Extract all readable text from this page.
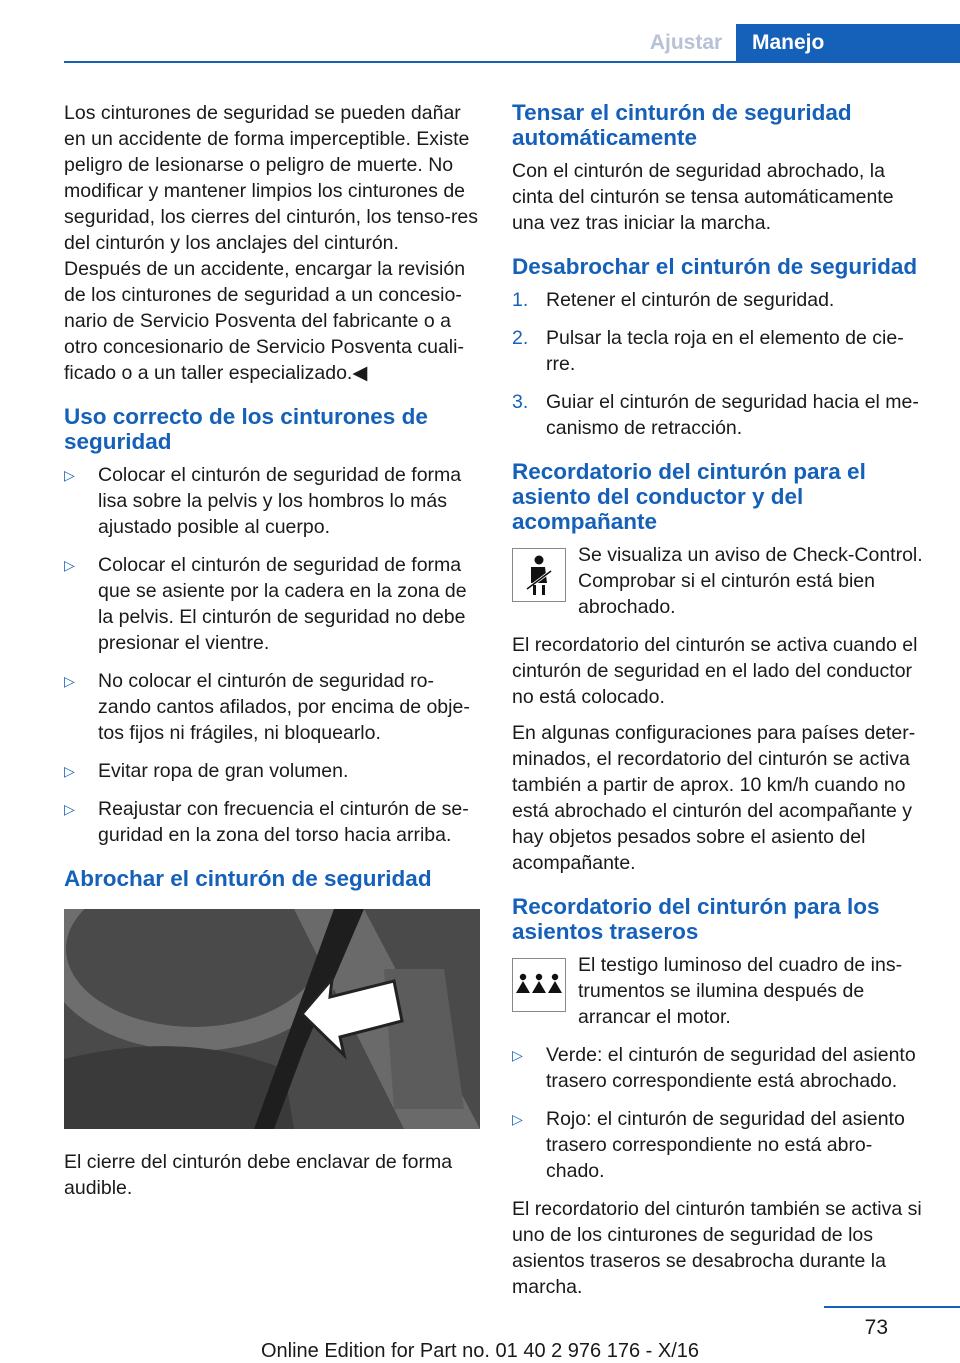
Ajustar	Manejo

Los cinturones de seguridad se pueden dañar en un accidente de forma imperceptible. Existe peligro de lesionarse o peligro de muerte. No modificar y mantener limpios los cinturones de seguridad, los cierres del cinturón, los tenso-res del cinturón y los anclajes del cinturón. Después de un accidente, encargar la revisión de los cinturones de seguridad a un concesio-nario de Servicio Posventa del fabricante o a otro concesionario de Servicio Posventa cuali-ficado o a un taller especializado.◀

Uso correcto de los cinturones de seguridad
▷ Colocar el cinturón de seguridad de forma lisa sobre la pelvis y los hombros lo más ajustado posible al cuerpo.
▷ Colocar el cinturón de seguridad de forma que se asiente por la cadera en la zona de la pelvis. El cinturón de seguridad no debe presionar el vientre.
▷ No colocar el cinturón de seguridad ro-zando cantos afilados, por encima de obje-tos fijos ni frágiles, ni bloquearlo.
▷ Evitar ropa de gran volumen.
▷ Reajustar con frecuencia el cinturón de se-guridad en la zona del torso hacia arriba.
Abrochar el cinturón de seguridad

El cierre del cinturón debe enclavar de forma audible.

Tensar el cinturón de seguridad automáticamente

Con el cinturón de seguridad abrochado, la cinta del cinturón se tensa automáticamente una vez tras iniciar la marcha.

Desabrochar el cinturón de seguridad
1. Retener el cinturón de seguridad.
2. Pulsar la tecla roja en el elemento de cie-rre.
3. Guiar el cinturón de seguridad hacia el me-canismo de retracción.
Recordatorio del cinturón para el asiento del conductor y del acompañante

Se visualiza un aviso de Check-Control. Comprobar si el cinturón está bien abrochado.

El recordatorio del cinturón se activa cuando el cinturón de seguridad en el lado del conductor no está colocado.

En algunas configuraciones para países deter-minados, el recordatorio del cinturón se activa también a partir de aprox. 10 km/h cuando no está abrochado el cinturón del acompañante y hay objetos pesados sobre el asiento del acompañante.

Recordatorio del cinturón para los asientos traseros

El testigo luminoso del cuadro de ins-trumentos se ilumina después de arrancar el motor.

▷ Verde: el cinturón de seguridad del asiento trasero correspondiente está abrochado.
▷ Rojo: el cinturón de seguridad del asiento trasero correspondiente no está abro-chado.

El recordatorio del cinturón también se activa si uno de los cinturones de seguridad de los asientos traseros se desabrocha durante la marcha.

73
Online Edition for Part no. 01 40 2 976 176 - X/16
